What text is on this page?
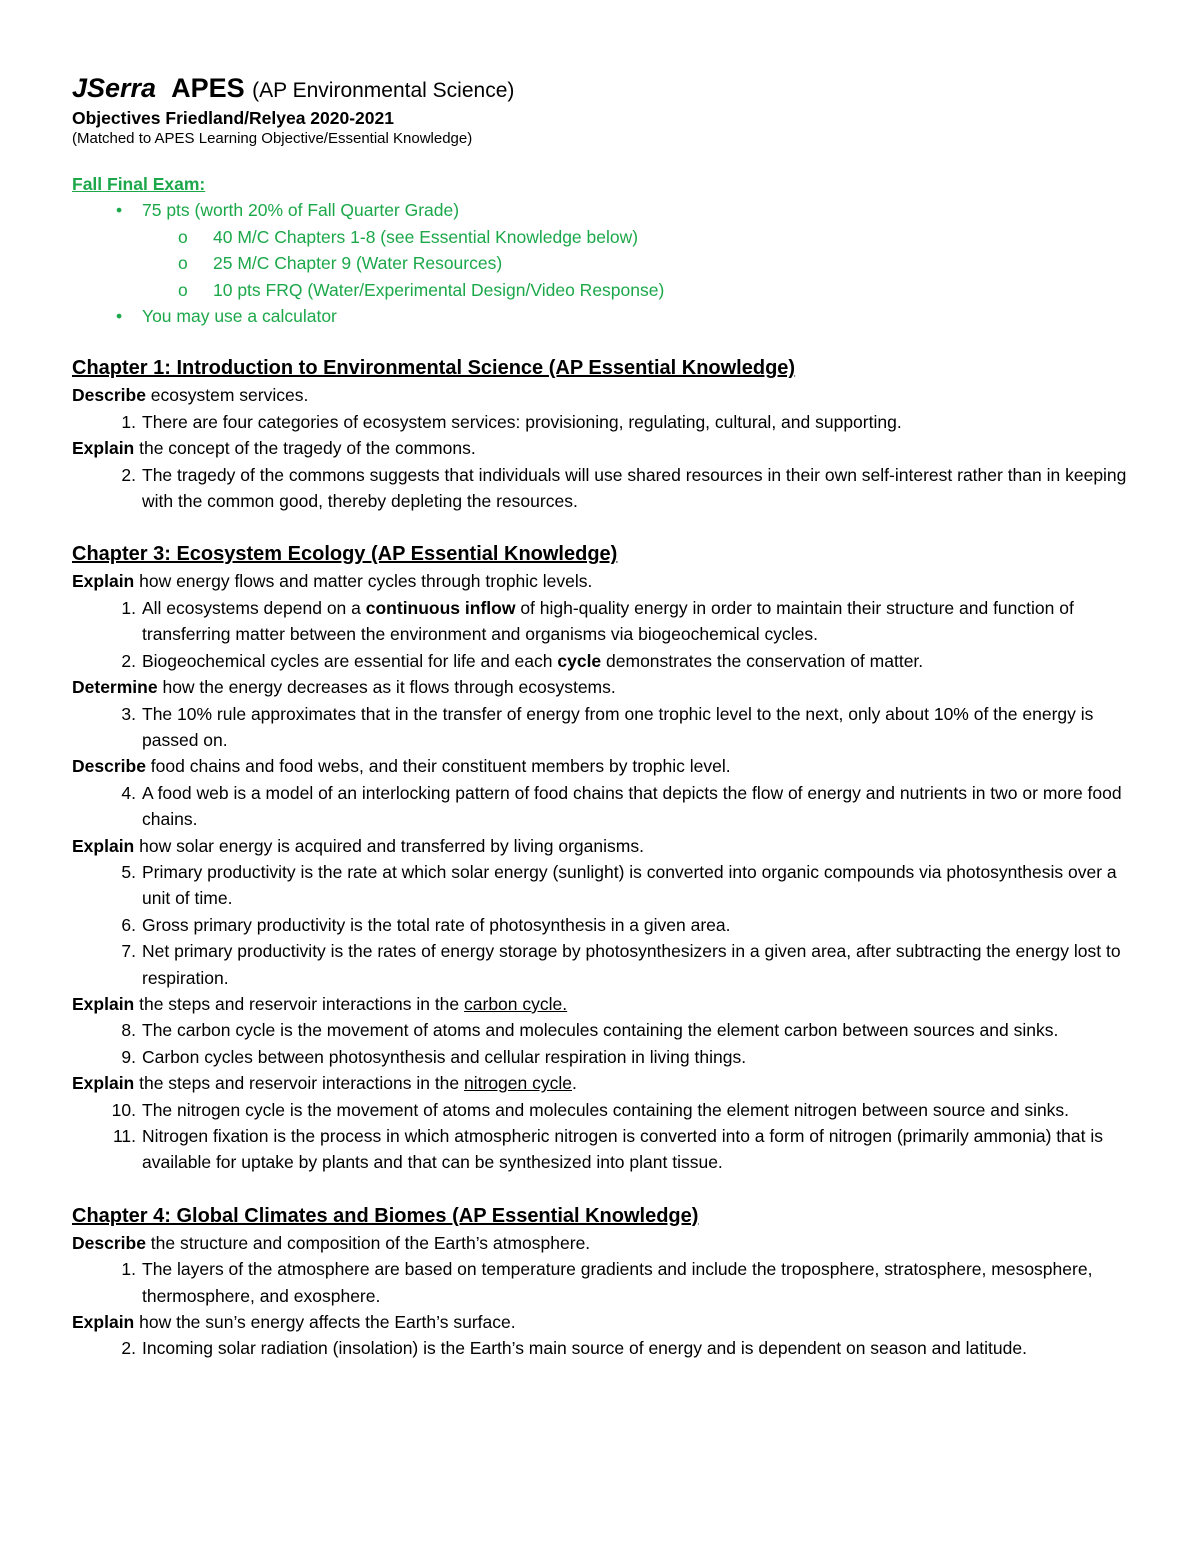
JSerra APES (AP Environmental Science)
Objectives Friedland/Relyea 2020-2021
(Matched to APES Learning Objective/Essential Knowledge)
Fall Final Exam:
• 75 pts (worth 20% of Fall Quarter Grade)
o 40 M/C Chapters 1-8 (see Essential Knowledge below)
o 25 M/C Chapter 9 (Water Resources)
o 10 pts FRQ (Water/Experimental Design/Video Response)
• You may use a calculator
Chapter 1: Introduction to Environmental Science (AP Essential Knowledge)
Describe ecosystem services.
1. There are four categories of ecosystem services: provisioning, regulating, cultural, and supporting.
Explain the concept of the tragedy of the commons.
2. The tragedy of the commons suggests that individuals will use shared resources in their own self-interest rather than in keeping with the common good, thereby depleting the resources.
Chapter 3: Ecosystem Ecology (AP Essential Knowledge)
Explain how energy flows and matter cycles through trophic levels.
1. All ecosystems depend on a continuous inflow of high-quality energy in order to maintain their structure and function of transferring matter between the environment and organisms via biogeochemical cycles.
2. Biogeochemical cycles are essential for life and each cycle demonstrates the conservation of matter.
Determine how the energy decreases as it flows through ecosystems.
3. The 10% rule approximates that in the transfer of energy from one trophic level to the next, only about 10% of the energy is passed on.
Describe food chains and food webs, and their constituent members by trophic level.
4. A food web is a model of an interlocking pattern of food chains that depicts the flow of energy and nutrients in two or more food chains.
Explain how solar energy is acquired and transferred by living organisms.
5. Primary productivity is the rate at which solar energy (sunlight) is converted into organic compounds via photosynthesis over a unit of time.
6. Gross primary productivity is the total rate of photosynthesis in a given area.
7. Net primary productivity is the rates of energy storage by photosynthesizers in a given area, after subtracting the energy lost to respiration.
Explain the steps and reservoir interactions in the carbon cycle.
8. The carbon cycle is the movement of atoms and molecules containing the element carbon between sources and sinks.
9. Carbon cycles between photosynthesis and cellular respiration in living things.
Explain the steps and reservoir interactions in the nitrogen cycle.
10. The nitrogen cycle is the movement of atoms and molecules containing the element nitrogen between source and sinks.
11. Nitrogen fixation is the process in which atmospheric nitrogen is converted into a form of nitrogen (primarily ammonia) that is available for uptake by plants and that can be synthesized into plant tissue.
Chapter 4: Global Climates and Biomes (AP Essential Knowledge)
Describe the structure and composition of the Earth’s atmosphere.
1. The layers of the atmosphere are based on temperature gradients and include the troposphere, stratosphere, mesosphere, thermosphere, and exosphere.
Explain how the sun’s energy affects the Earth’s surface.
2. Incoming solar radiation (insolation) is the Earth’s main source of energy and is dependent on season and latitude.
